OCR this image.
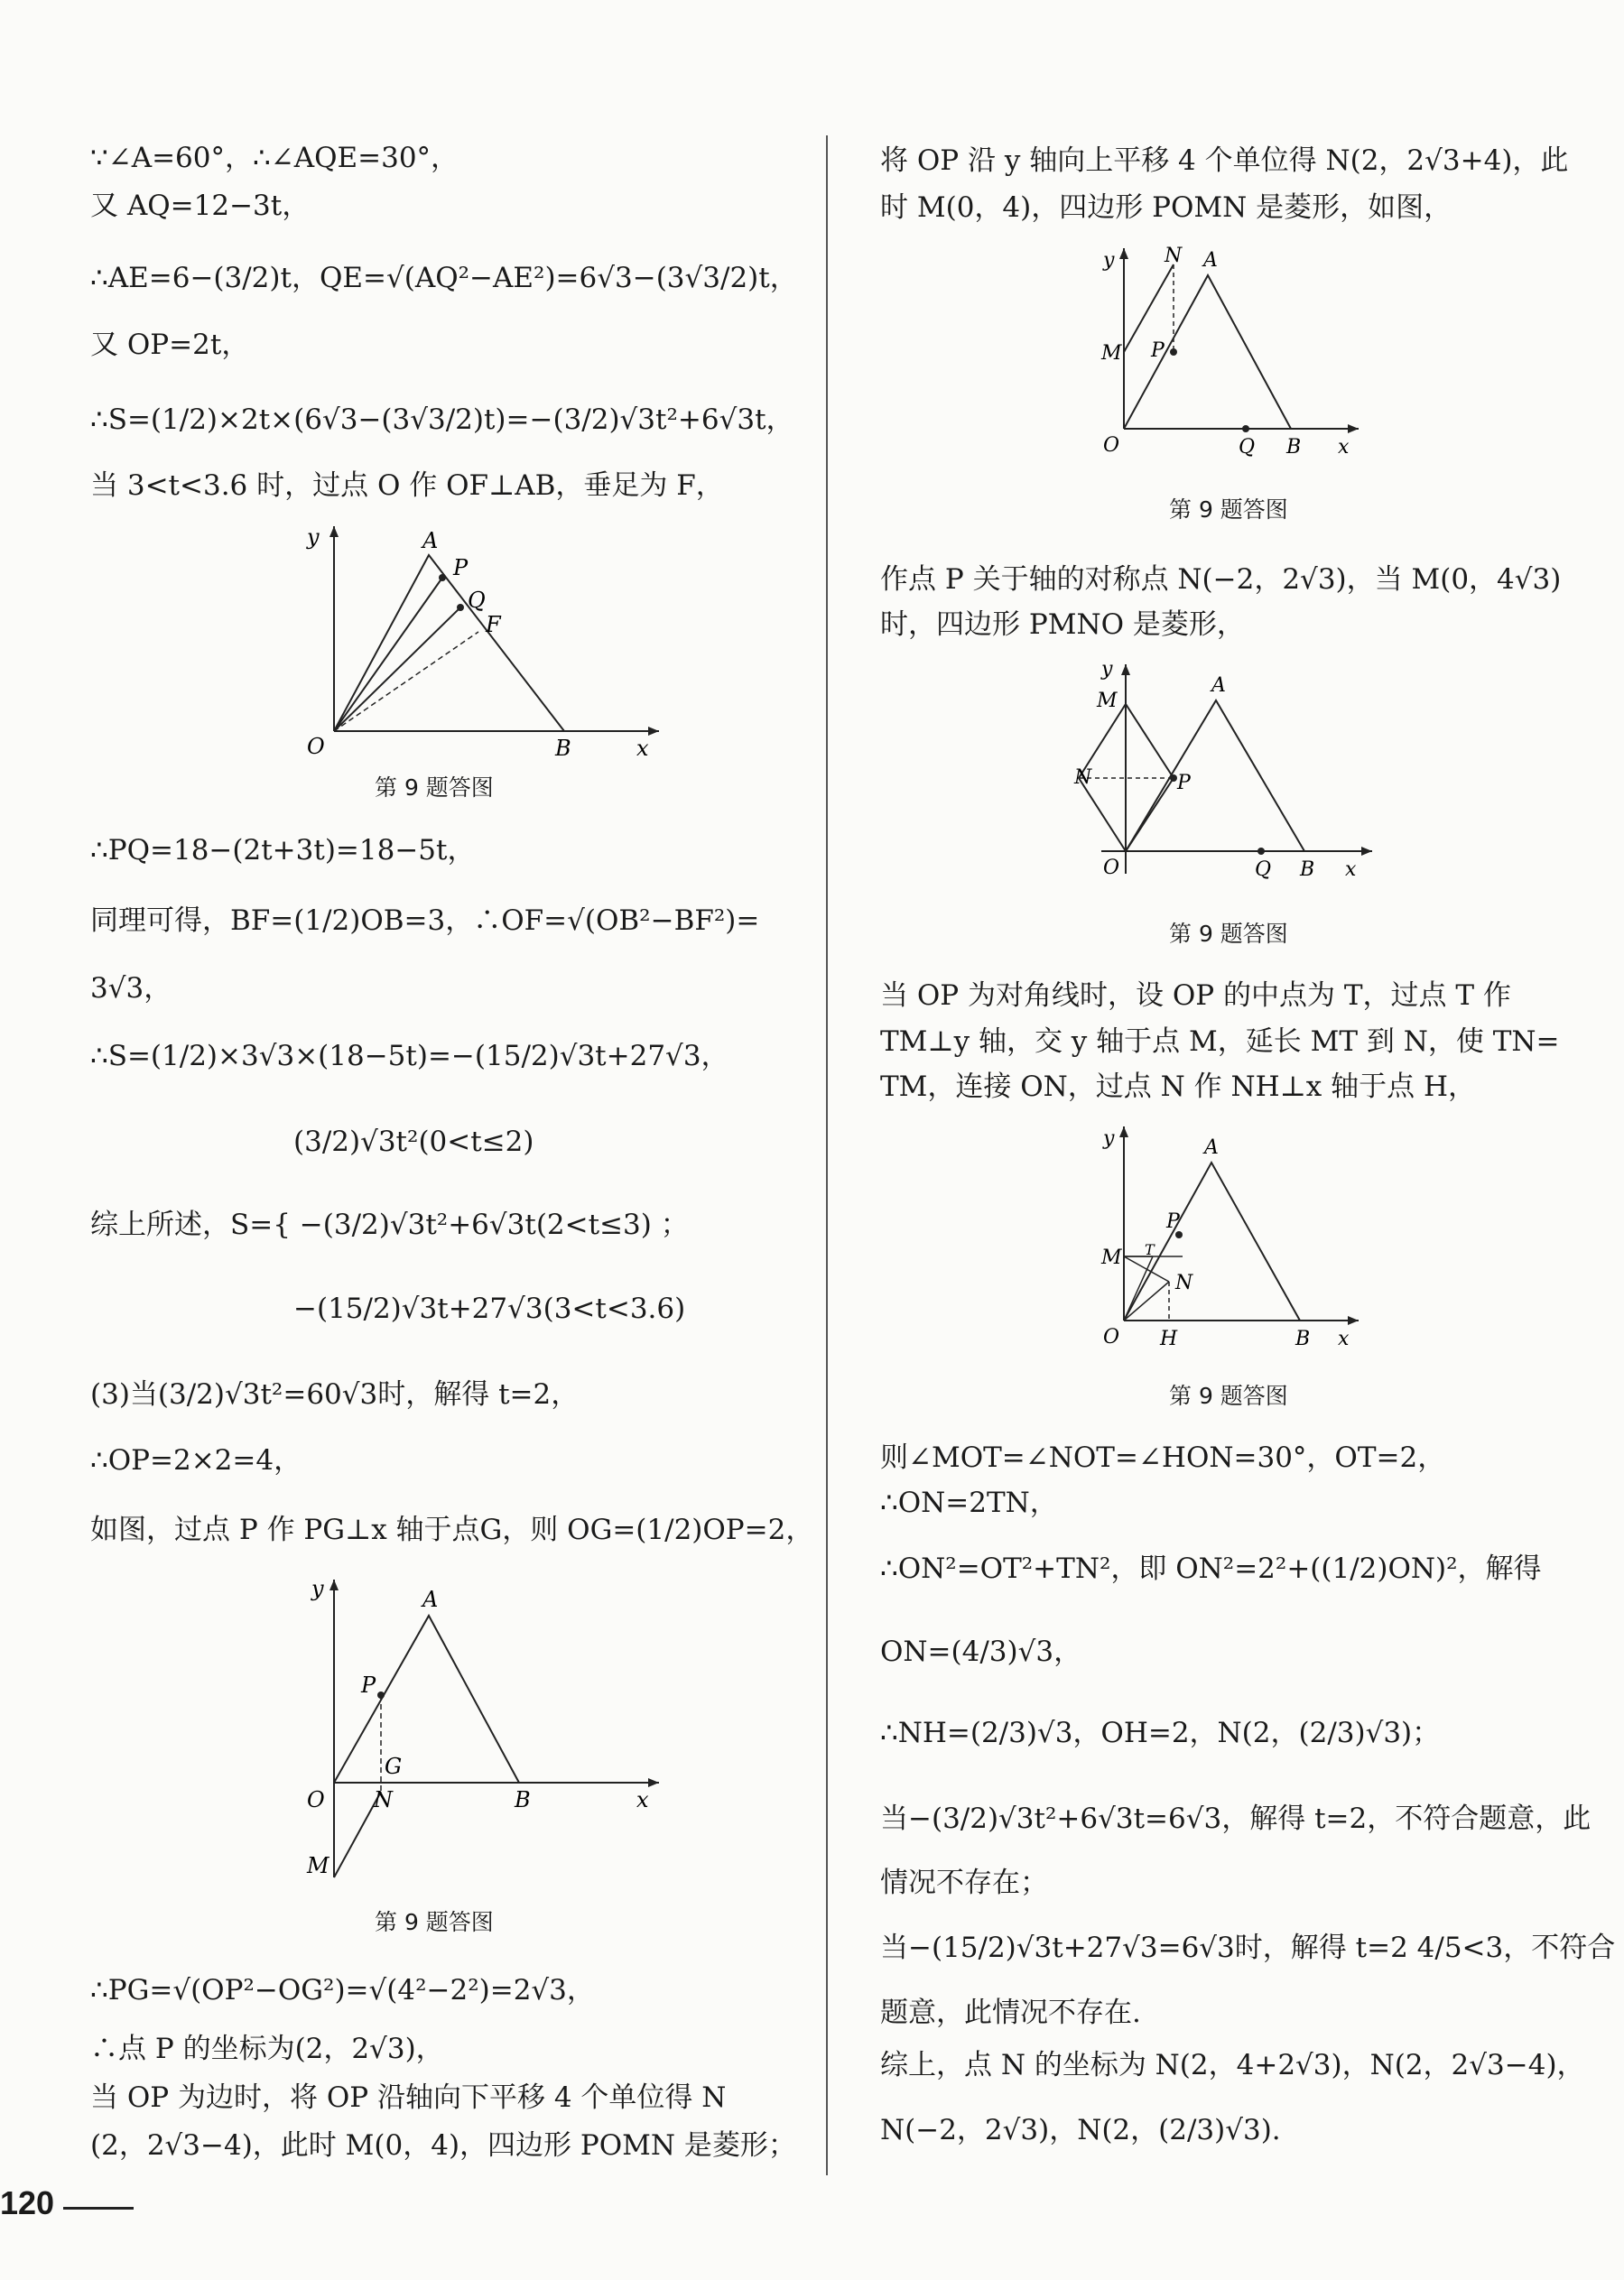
∵∠A=60°，∴∠AQE=30°，
又 AQ=12−3t，
∴AE=6−(3/2)t，QE=√(AQ²−AE²)=6√3−(3√3/2)t，
又 OP=2t，
∴S=(1/2)×2t×(6√3−(3√3/2)t)=−(3/2)√3t²+6√3t，
当 3<t<3.6 时，过点 O 作 OF⊥AB，垂足为 F，
y
O
A
P
Q
F
B	x
第 9 题答图
∴PQ=18−(2t+3t)=18−5t，
同理可得，BF=(1/2)OB=3，∴OF=√(OB²−BF²)=
3√3，
∴S=(1/2)×3√3×(18−5t)=−(15/2)√3t+27√3，
(3/2)√3t²(0<t≤2)
综上所述，S={ −(3/2)√3t²+6√3t(2<t≤3) ；
−(15/2)√3t+27√3(3<t<3.6)
(3)当(3/2)√3t²=60√3时，解得 t=2，
∴OP=2×2=4，
如图，过点 P 作 PG⊥x 轴于点G，则 OG=(1/2)OP=2，
y
O
A
P
G
N
M
B	x
第 9 题答图
∴PG=√(OP²−OG²)=√(4²−2²)=2√3，
∴点 P 的坐标为(2，2√3)，
当 OP 为边时，将 OP 沿轴向下平移 4 个单位得 N
(2，2√3−4)，此时 M(0，4)，四边形 POMN 是菱形；
将 OP 沿 y 轴向上平移 4 个单位得 N(2，2√3+4)，此
时 M(0，4)，四边形 POMN 是菱形，如图，
y	N A
M P
O	Q B x
第 9 题答图
作点 P 关于轴的对称点 N(−2，2√3)，当 M(0，4√3)
时，四边形 PMNO 是菱形，
y
M
A
N	P
O	Q B x
第 9 题答图
当 OP 为对角线时，设 OP 的中点为 T，过点 T 作
TM⊥y 轴，交 y 轴于点 M，延长 MT 到 N，使 TN=
TM，连接 ON，过点 N 作 NH⊥x 轴于点 H，
y	A
P
M T
N
O H	B x
第 9 题答图
则∠MOT=∠NOT=∠HON=30°，OT=2，
∴ON=2TN，
∴ON²=OT²+TN²，即 ON²=2²+((1/2)ON)²，解得
ON=(4/3)√3，
∴NH=(2/3)√3，OH=2，N(2，(2/3)√3)；
当−(3/2)√3t²+6√3t=6√3，解得 t=2，不符合题意，此
情况不存在；
当−(15/2)√3t+27√3=6√3时，解得 t=2 4/5<3，不符合
题意，此情况不存在.
综上，点 N 的坐标为 N(2，4+2√3)，N(2，2√3−4)，
N(−2，2√3)，N(2，(2/3)√3).
120
